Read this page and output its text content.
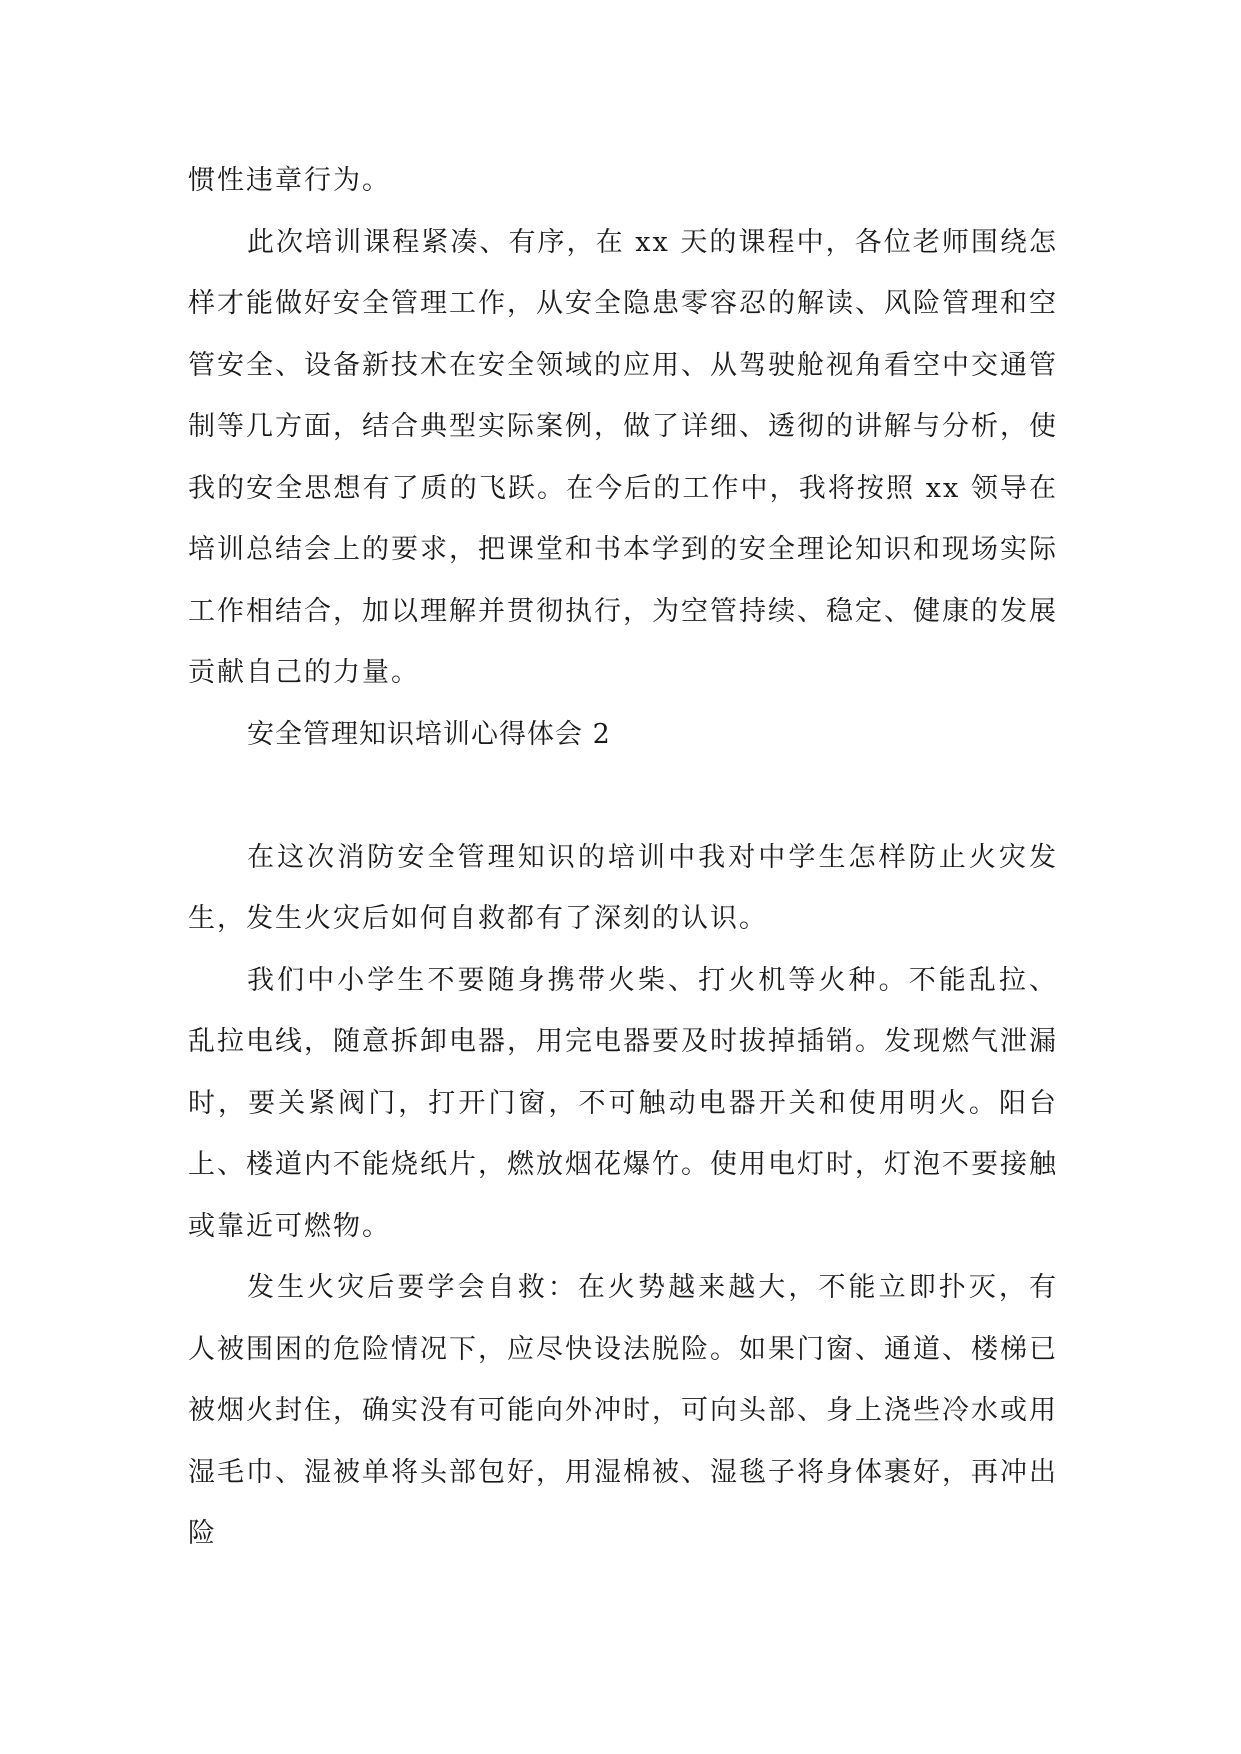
惯性违章行为。

此次培训课程紧凑、有序，在 xx 天的课程中，各位老师围绕怎样才能做好安全管理工作，从安全隐患零容忍的解读、风险管理和空管安全、设备新技术在安全领域的应用、从驾驶舱视角看空中交通管制等几方面，结合典型实际案例，做了详细、透彻的讲解与分析，使我的安全思想有了质的飞跃。在今后的工作中，我将按照 xx 领导在培训总结会上的要求，把课堂和书本学到的安全理论知识和现场实际工作相结合，加以理解并贯彻执行，为空管持续、稳定、健康的发展贡献自己的力量。

安全管理知识培训心得体会 2

在这次消防安全管理知识的培训中我对中学生怎样防止火灾发生，发生火灾后如何自救都有了深刻的认识。

我们中小学生不要随身携带火柴、打火机等火种。不能乱拉、乱拉电线，随意拆卸电器，用完电器要及时拔掉插销。发现燃气泄漏时，要关紧阀门，打开门窗，不可触动电器开关和使用明火。阳台上、楼道内不能烧纸片，燃放烟花爆竹。使用电灯时，灯泡不要接触或靠近可燃物。

发生火灾后要学会自救：在火势越来越大，不能立即扑灭，有人被围困的危险情况下，应尽快设法脱险。如果门窗、通道、楼梯已被烟火封住，确实没有可能向外冲时，可向头部、身上浇些冷水或用湿毛巾、湿被单将头部包好，用湿棉被、湿毯子将身体裹好，再冲出险
